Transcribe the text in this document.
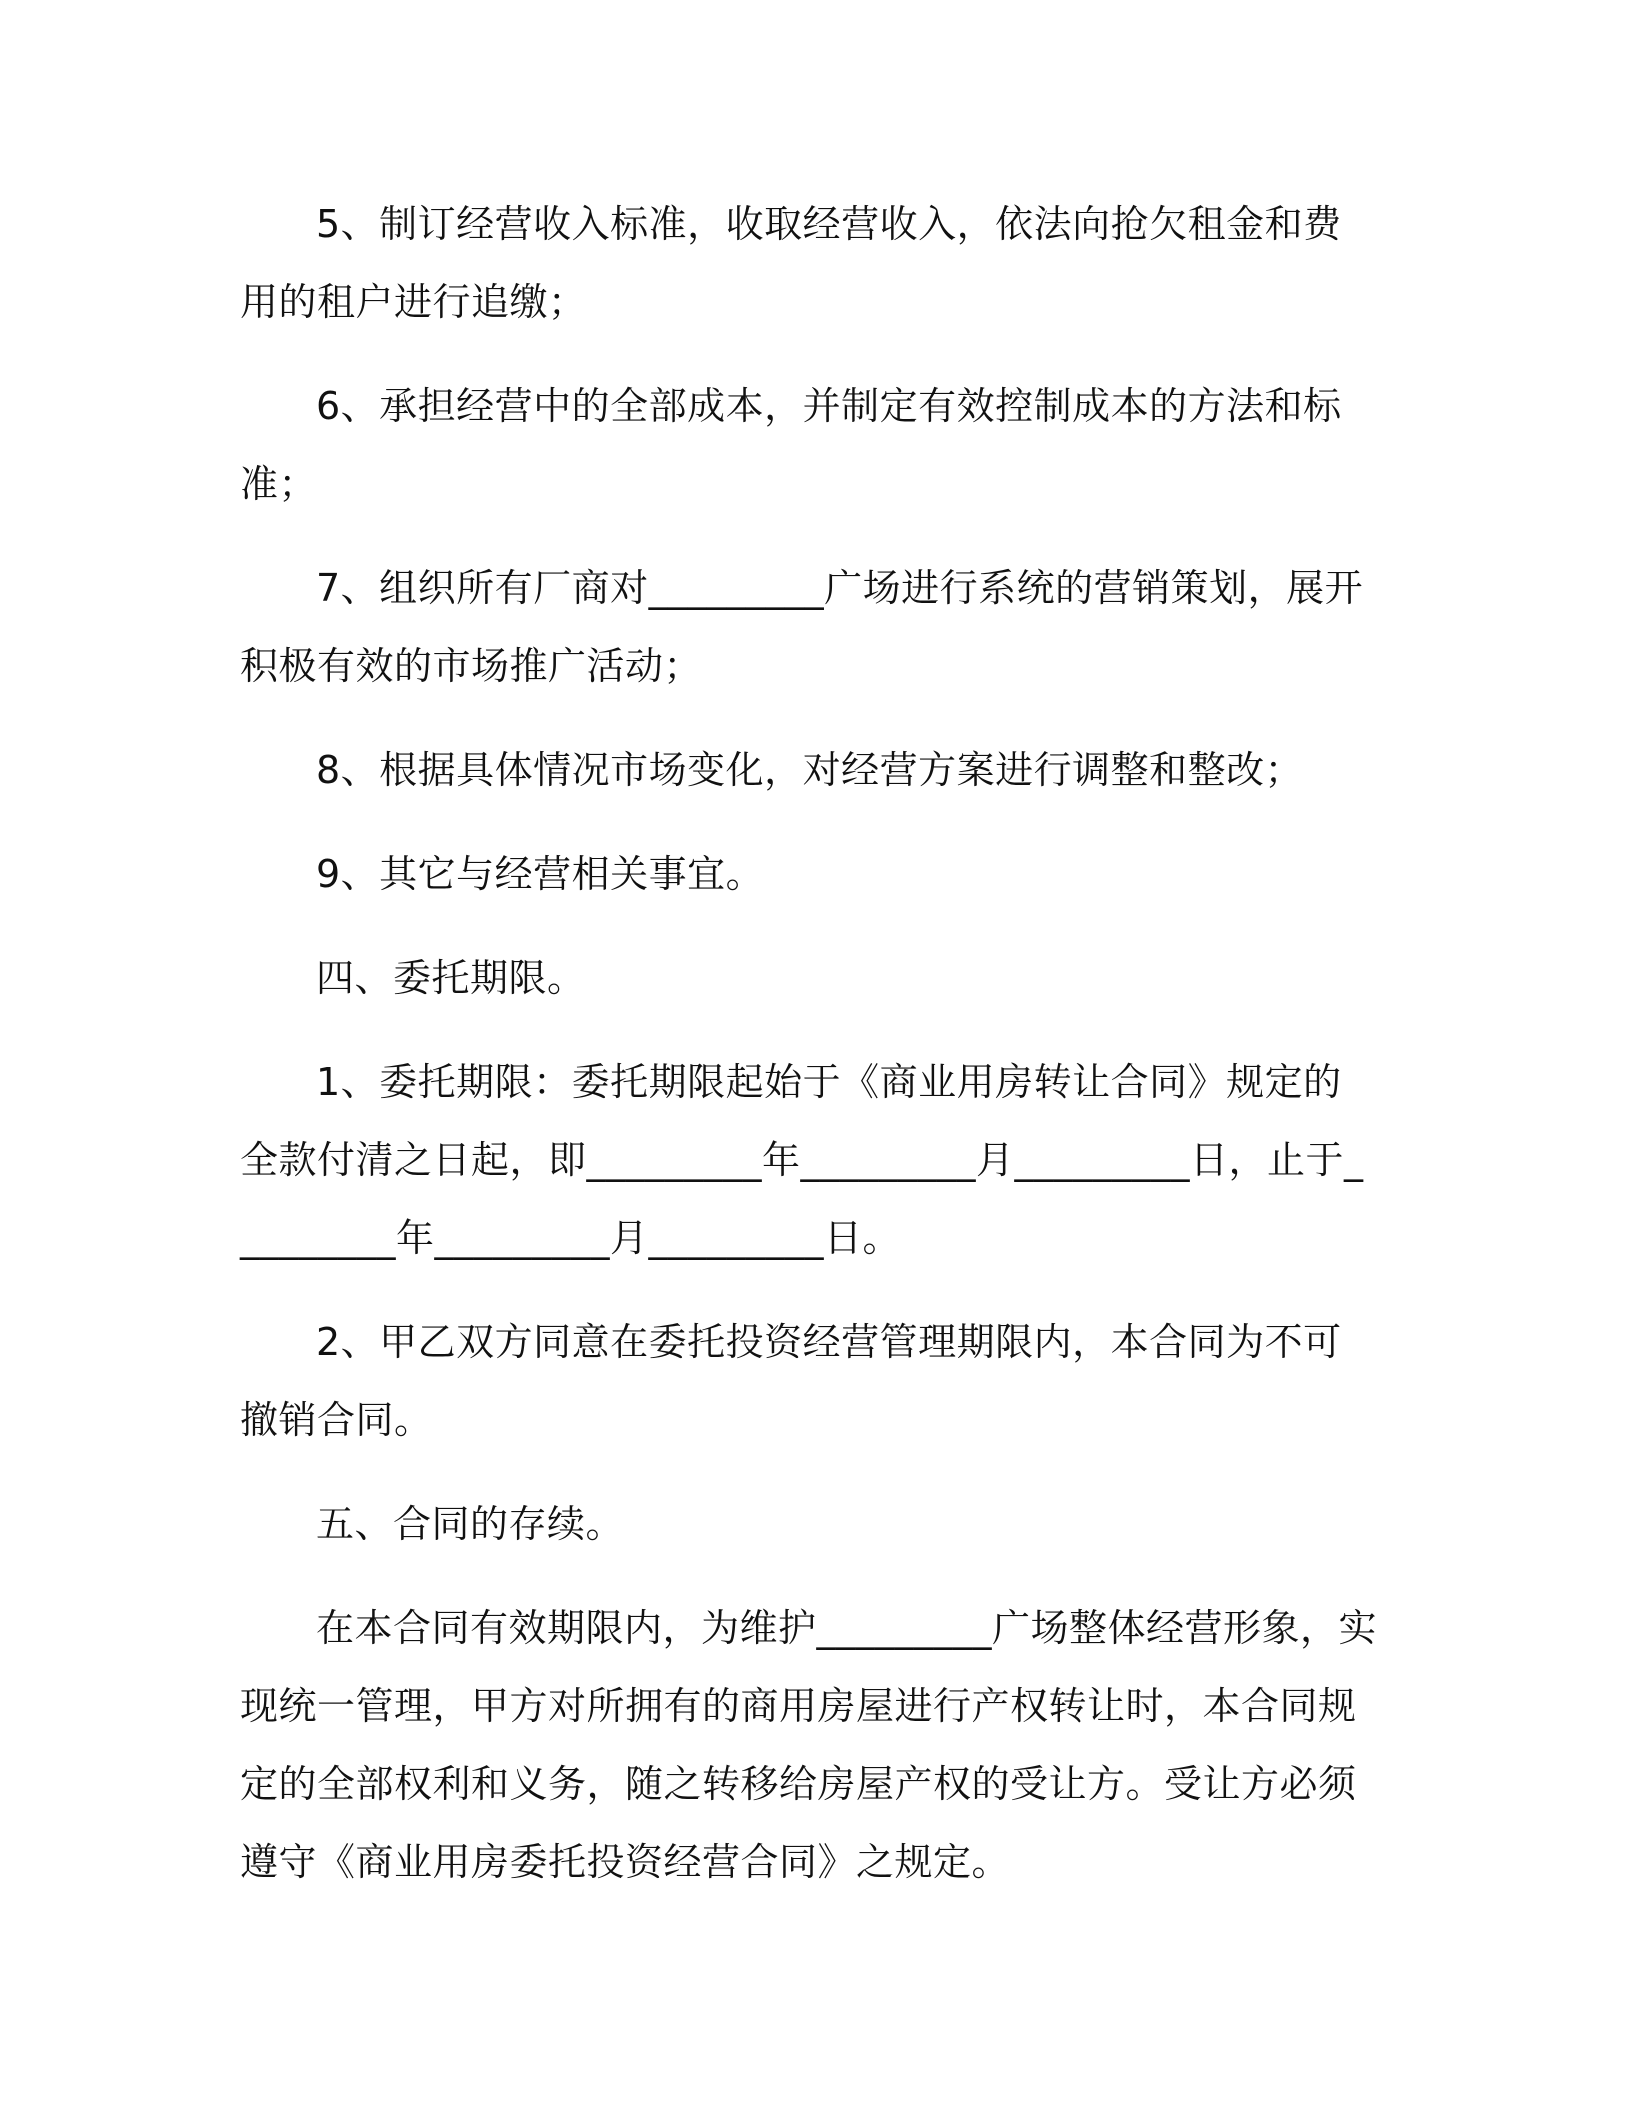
5、制订经营收入标准，收取经营收入，依法向抢欠租金和费用的租户进行追缴；

6、承担经营中的全部成本，并制定有效控制成本的方法和标准；

7、组织所有厂商对_________广场进行系统的营销策划，展开积极有效的市场推广活动；

8、根据具体情况市场变化，对经营方案进行调整和整改；

9、其它与经营相关事宜。

四、委托期限。

1、委托期限：委托期限起始于《商业用房转让合同》规定的全款付清之日起，即_________年_________月_________日，止于_________年_________月_________日。

2、甲乙双方同意在委托投资经营管理期限内，本合同为不可撤销合同。

五、合同的存续。

在本合同有效期限内，为维护_________广场整体经营形象，实现统一管理，甲方对所拥有的商用房屋进行产权转让时，本合同规定的全部权利和义务，随之转移给房屋产权的受让方。受让方必须遵守《商业用房委托投资经营合同》之规定。
